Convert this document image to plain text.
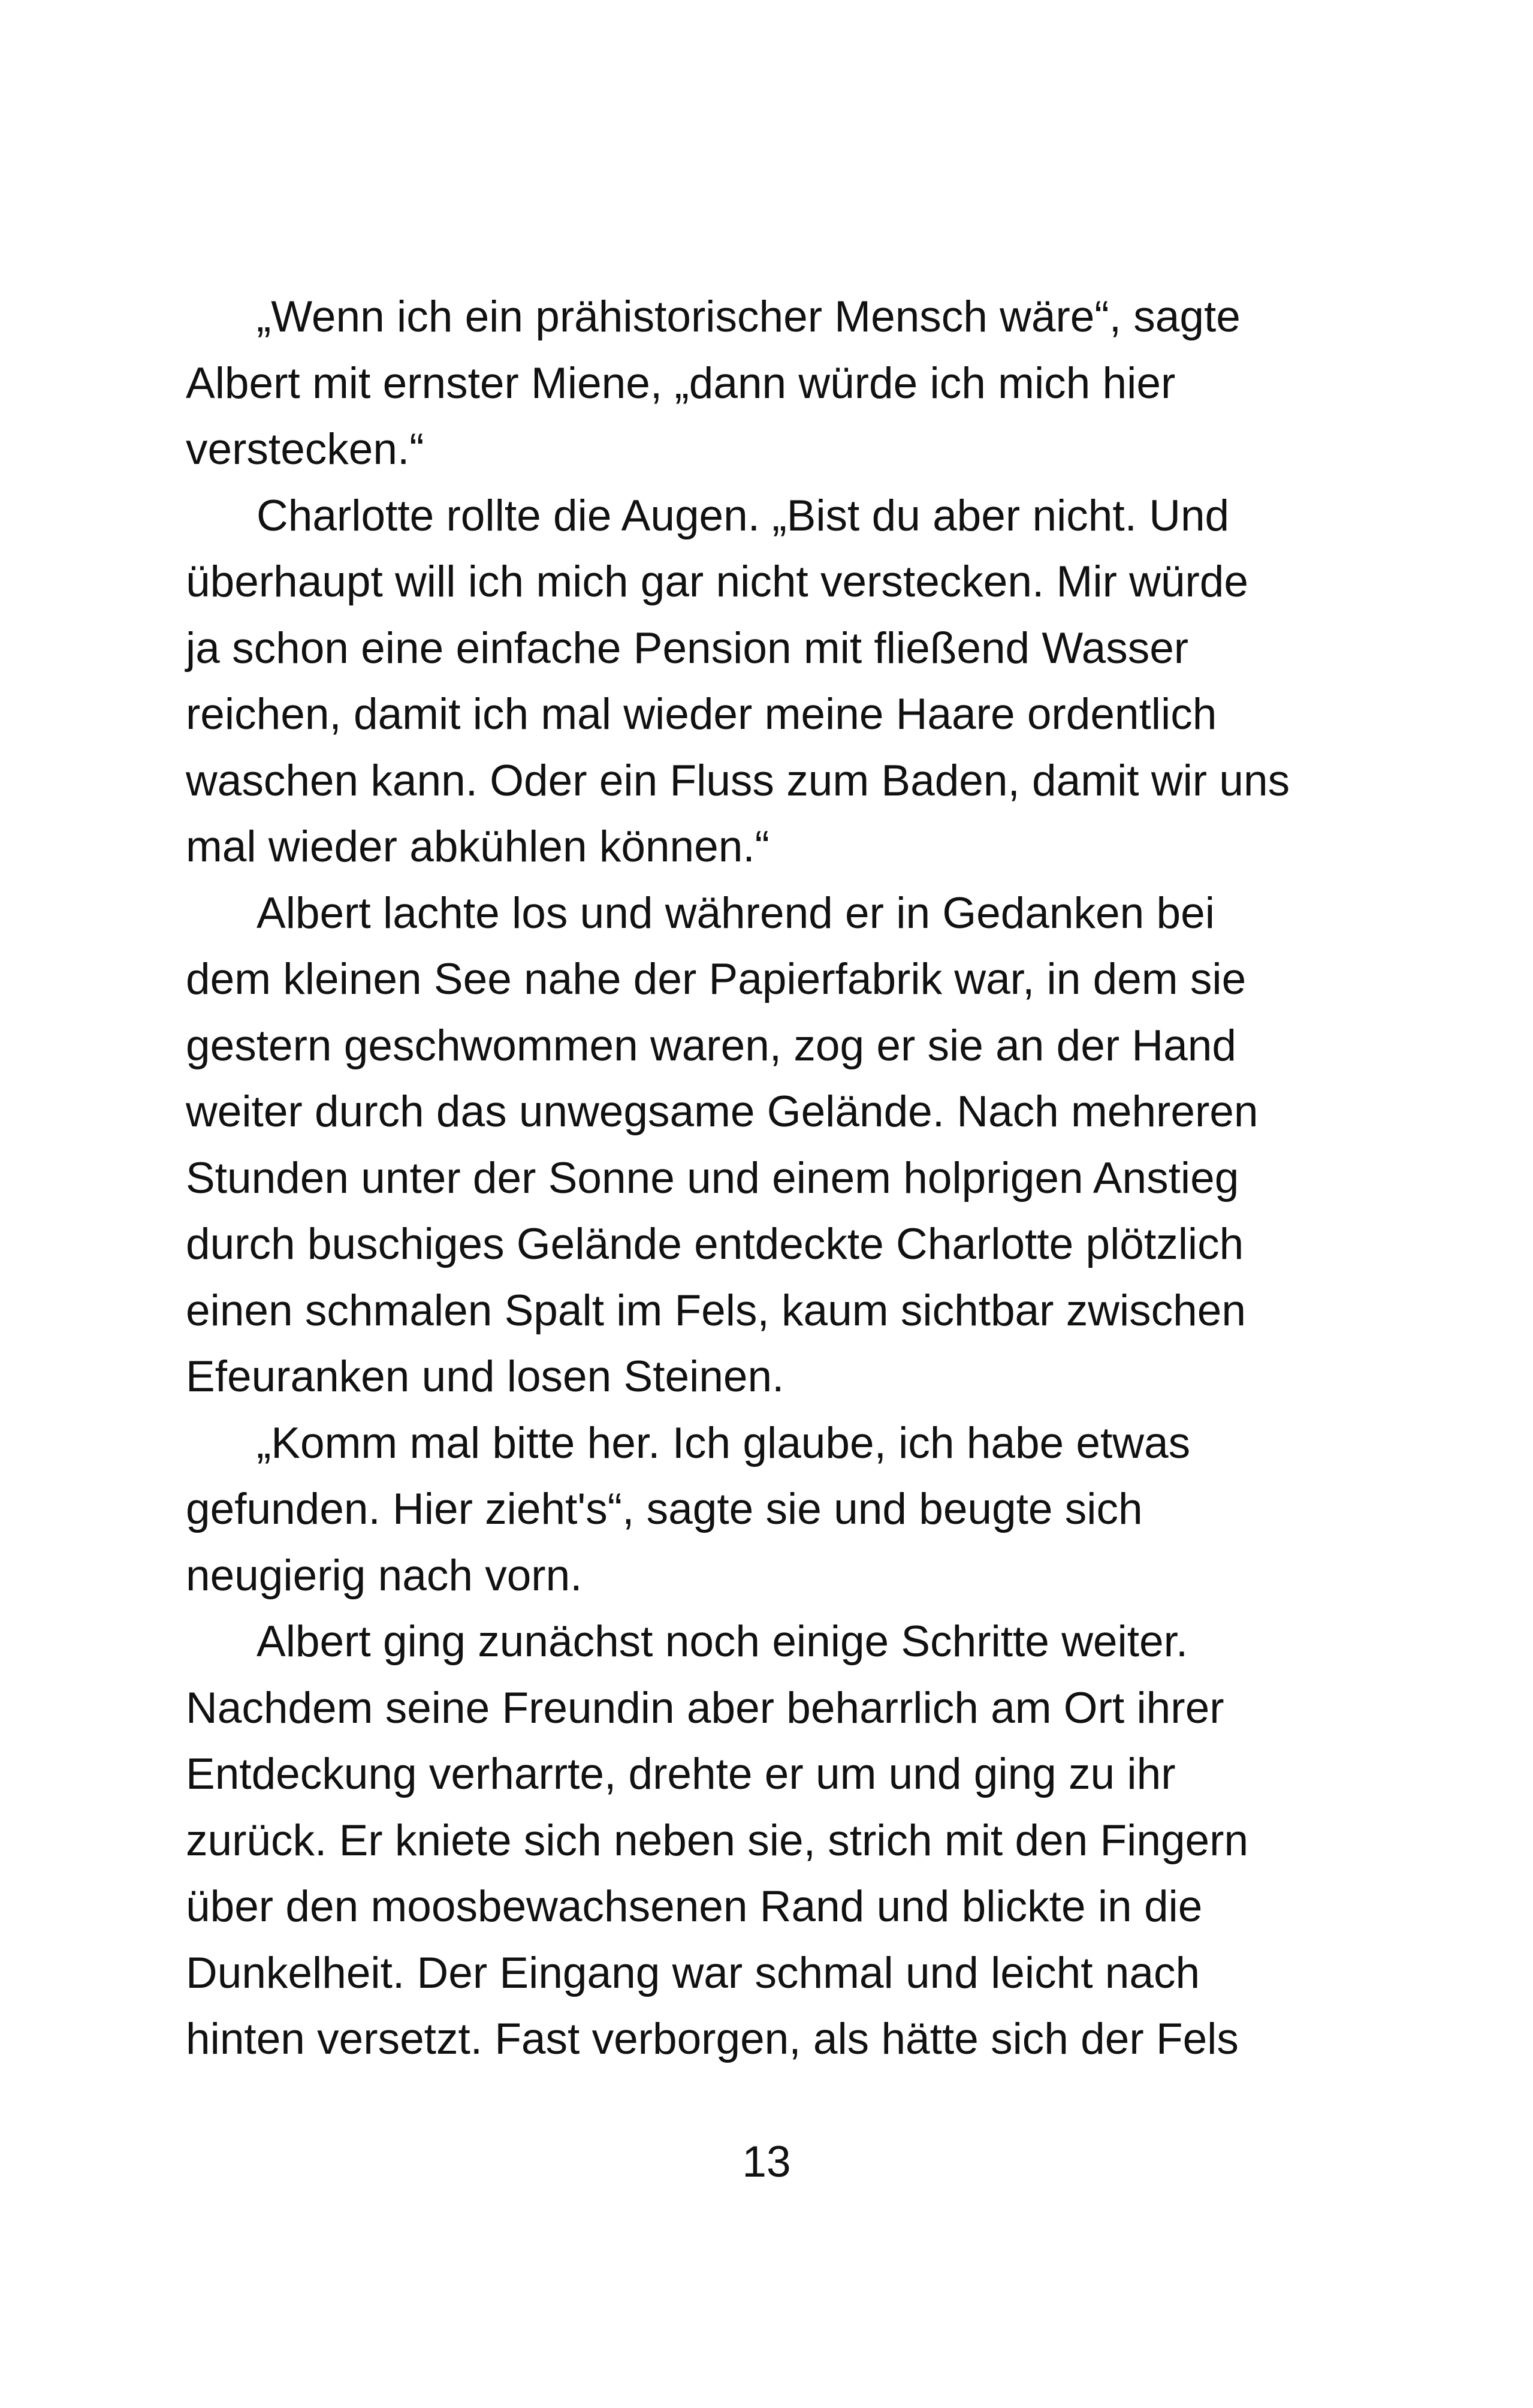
„Wenn ich ein prähistorischer Mensch wäre“, sagte
Albert mit ernster Miene, „dann würde ich mich hier
verstecken.“
Charlotte rollte die Augen. „Bist du aber nicht. Und
überhaupt will ich mich gar nicht verstecken. Mir würde
ja schon eine einfache Pension mit fließend Wasser
reichen, damit ich mal wieder meine Haare ordentlich
waschen kann. Oder ein Fluss zum Baden, damit wir uns
mal wieder abkühlen können.“
Albert lachte los und während er in Gedanken bei
dem kleinen See nahe der Papierfabrik war, in dem sie
gestern geschwommen waren, zog er sie an der Hand
weiter durch das unwegsame Gelände. Nach mehreren
Stunden unter der Sonne und einem holprigen Anstieg
durch buschiges Gelände entdeckte Charlotte plötzlich
einen schmalen Spalt im Fels, kaum sichtbar zwischen
Efeuranken und losen Steinen.
„Komm mal bitte her. Ich glaube, ich habe etwas
gefunden. Hier zieht's“, sagte sie und beugte sich
neugierig nach vorn.
Albert ging zunächst noch einige Schritte weiter.
Nachdem seine Freundin aber beharrlich am Ort ihrer
Entdeckung verharrte, drehte er um und ging zu ihr
zurück. Er kniete sich neben sie, strich mit den Fingern
über den moosbewachsenen Rand und blickte in die
Dunkelheit. Der Eingang war schmal und leicht nach
hinten versetzt. Fast verborgen, als hätte sich der Fels
13
